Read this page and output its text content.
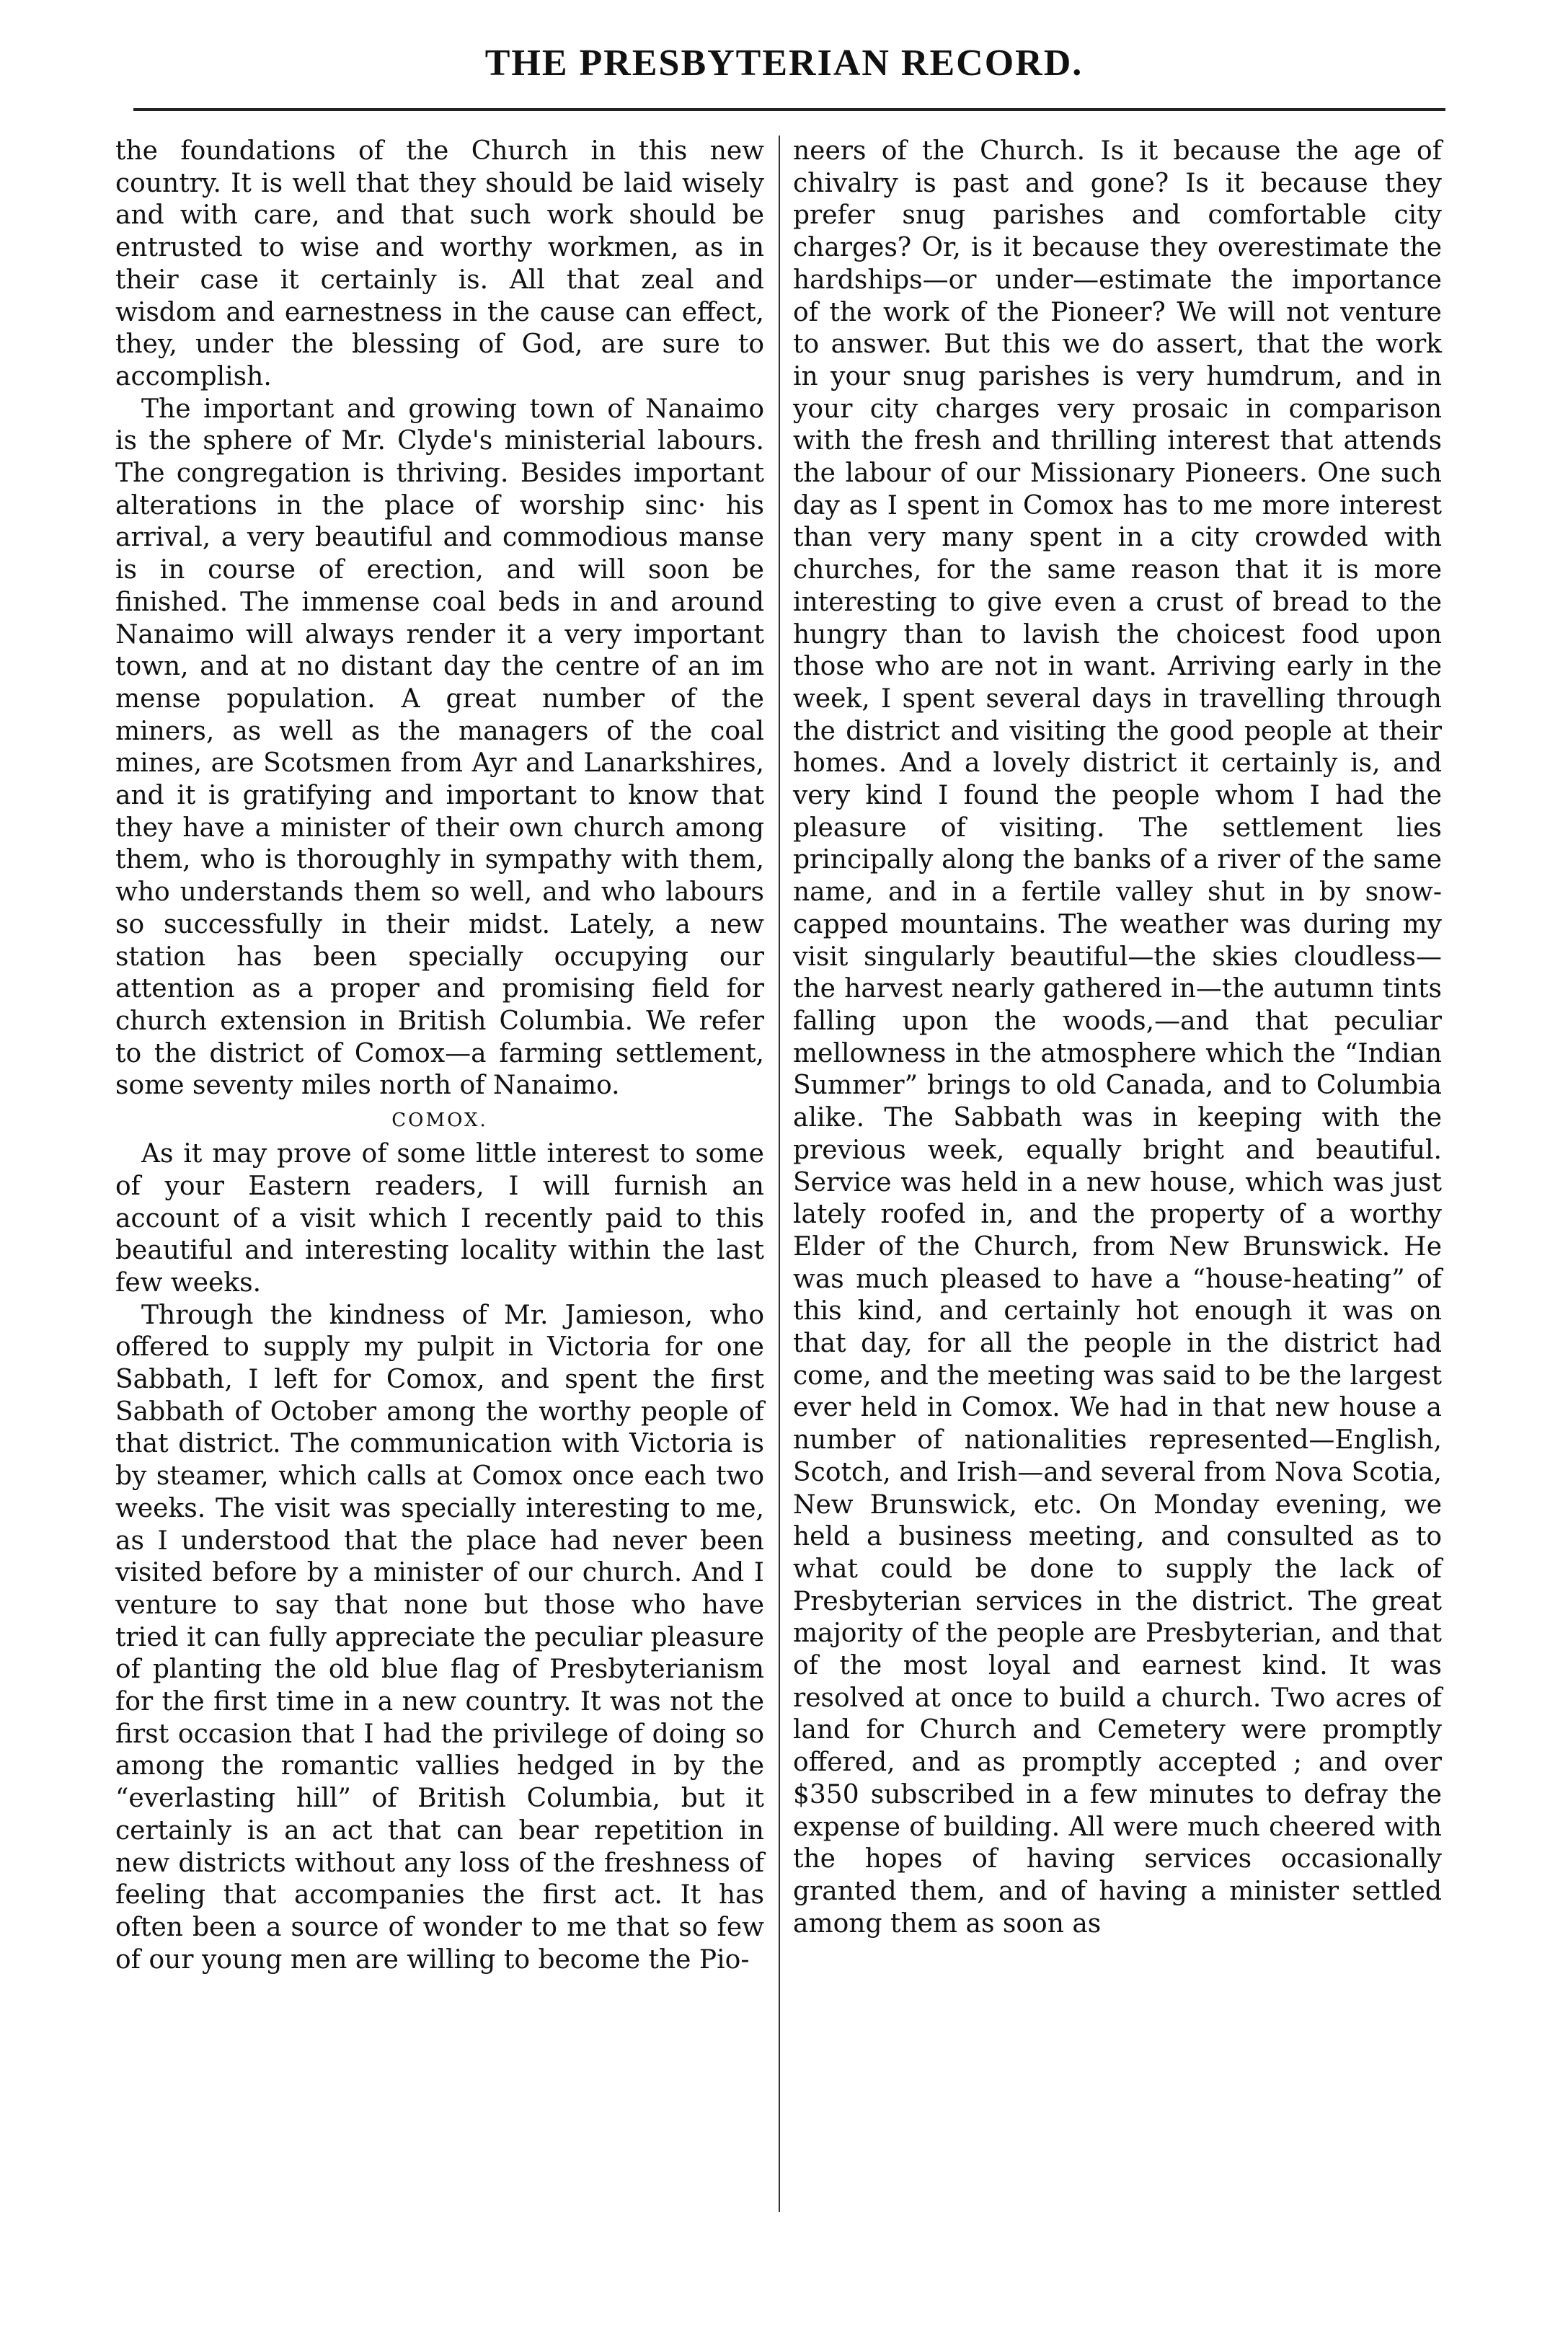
THE PRESBYTERIAN RECORD.

the foundations of the Church in this new country. It is well that they should be laid wisely and with care, and that such work should be entrusted to wise and worthy workmen, as in their case it certainly is. All that zeal and wisdom and earnestness in the cause can effect, they, under the blessing of God, are sure to accomplish.

The important and growing town of Nanaimo is the sphere of Mr. Clyde's ministerial labours. The congregation is thriving. Besides important alterations in the place of worship sinc· his arrival, a very beautiful and commodious manse is in course of erection, and will soon be finished. The immense coal beds in and around Nanaimo will always render it a very important town, and at no distant day the centre of an im mense population. A great number of the miners, as well as the managers of the coal mines, are Scotsmen from Ayr and Lanarkshires, and it is gratifying and important to know that they have a minister of their own church among them, who is thoroughly in sympathy with them, who understands them so well, and who labours so successfully in their midst. Lately, a new station has been specially occupying our attention as a proper and promising field for church extension in British Columbia. We refer to the district of Comox—a farming settlement, some seventy miles north of Nanaimo.

COMOX.

As it may prove of some little interest to some of your Eastern readers, I will furnish an account of a visit which I recently paid to this beautiful and interesting locality within the last few weeks.

Through the kindness of Mr. Jamieson, who offered to supply my pulpit in Victoria for one Sabbath, I left for Comox, and spent the first Sabbath of October among the worthy people of that district. The communication with Victoria is by steamer, which calls at Comox once each two weeks. The visit was specially interesting to me, as I understood that the place had never been visited before by a minister of our church. And I venture to say that none but those who have tried it can fully appreciate the peculiar pleasure of planting the old blue flag of Presbyterianism for the first time in a new country. It was not the first occasion that I had the privilege of doing so among the romantic vallies hedged in by the “everlasting hill” of British Columbia, but it certainly is an act that can bear repetition in new districts without any loss of the freshness of feeling that accompanies the first act. It has often been a source of wonder to me that so few of our young men are willing to become the Pio-

neers of the Church. Is it because the age of chivalry is past and gone? Is it because they prefer snug parishes and comfortable city charges? Or, is it because they overestimate the hardships—or under—estimate the importance of the work of the Pioneer? We will not venture to answer. But this we do assert, that the work in your snug parishes is very humdrum, and in your city charges very prosaic in comparison with the fresh and thrilling interest that attends the labour of our Missionary Pioneers. One such day as I spent in Comox has to me more interest than very many spent in a city crowded with churches, for the same reason that it is more interesting to give even a crust of bread to the hungry than to lavish the choicest food upon those who are not in want. Arriving early in the week, I spent several days in travelling through the district and visiting the good people at their homes. And a lovely district it certainly is, and very kind I found the people whom I had the pleasure of visiting. The settlement lies principally along the banks of a river of the same name, and in a fertile valley shut in by snow-capped mountains. The weather was during my visit singularly beautiful—the skies cloudless—the harvest nearly gathered in—the autumn tints falling upon the woods,—and that peculiar mellowness in the atmosphere which the “Indian Summer” brings to old Canada, and to Columbia alike. The Sabbath was in keeping with the previous week, equally bright and beautiful. Service was held in a new house, which was just lately roofed in, and the property of a worthy Elder of the Church, from New Brunswick. He was much pleased to have a “house-heating” of this kind, and certainly hot enough it was on that day, for all the people in the district had come, and the meeting was said to be the largest ever held in Comox. We had in that new house a number of nationalities represented—English, Scotch, and Irish—and several from Nova Scotia, New Brunswick, etc. On Monday evening, we held a business meeting, and consulted as to what could be done to supply the lack of Presbyterian services in the district. The great majority of the people are Presbyterian, and that of the most loyal and earnest kind. It was resolved at once to build a church. Two acres of land for Church and Cemetery were promptly offered, and as promptly accepted ; and over $350 subscribed in a few minutes to defray the expense of building. All were much cheered with the hopes of having services occasionally granted them, and of having a minister settled among them as soon as
